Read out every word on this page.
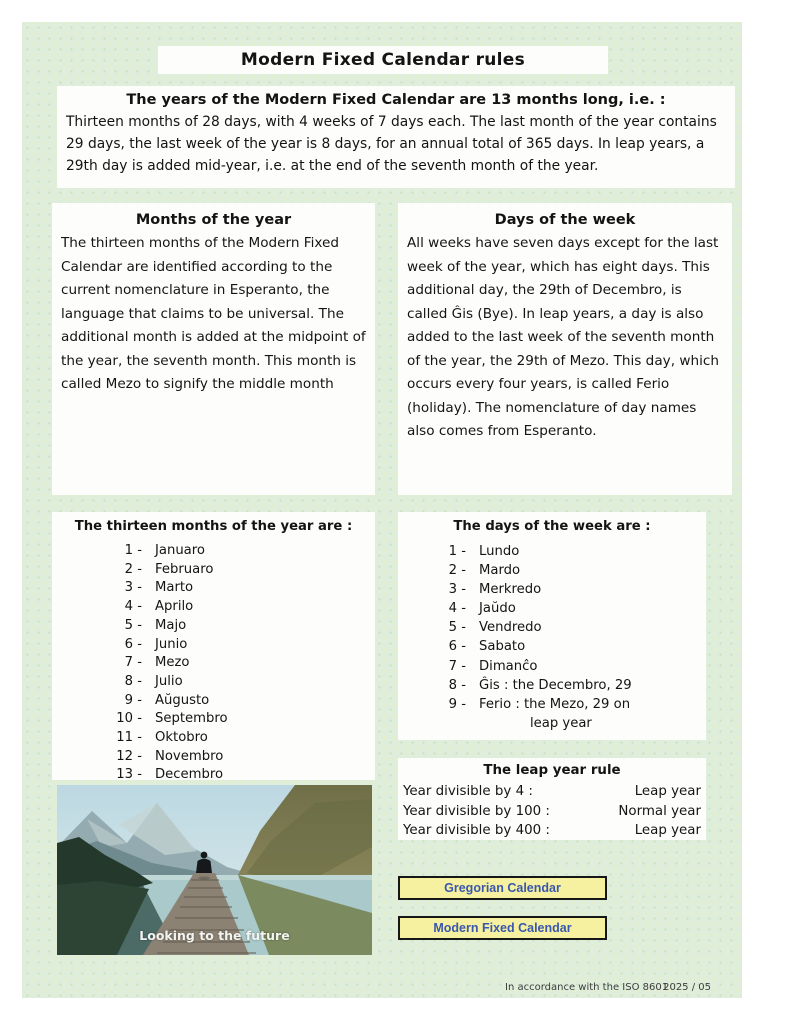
Modern Fixed Calendar rules
The years of the Modern Fixed Calendar are 13 months long, i.e. :
Thirteen months of 28 days, with 4 weeks of 7 days each. The last month of the year contains 29 days, the last week of the year is 8 days, for an annual total of 365 days. In leap years, a 29th day is added mid-year, i.e. at the end of the seventh month of the year.
Months of the year
The thirteen months of the Modern Fixed Calendar are identified according to the current nomenclature in Esperanto, the language that claims to be universal. The additional month is added at the midpoint of the year, the seventh month. This month is called Mezo to signify the middle month
Days of the week
All weeks have seven days except for the last week of the year, which has eight days. This additional day, the 29th of Decembro, is called Ĝis (Bye). In leap years, a day is also added to the last week of the seventh month of the year, the 29th of Mezo. This day, which occurs every four years, is called Ferio (holiday). The nomenclature of day names also comes from Esperanto.
The thirteen months of the year are :
1 - Januaro
2 - Februaro
3 - Marto
4 - Aprilo
5 - Majo
6 - Junio
7 - Mezo
8 - Julio
9 - Aŭgusto
10 - Septembro
11 - Oktobro
12 - Novembro
13 - Decembro
The days of the week are :
1 - Lundo
2 - Mardo
3 - Merkredo
4 - Jaŭdo
5 - Vendredo
6 - Sabato
7 - Dimanĉo
8 - Ĝis : the Decembro, 29
9 - Ferio : the Mezo, 29 on
leap year
The leap year rule
Year divisible by 4 :	Leap year
Year divisible by 100 :	Normal year
Year divisible by 400 :	Leap year
Looking to the future
Gregorian Calendar
Modern Fixed Calendar
In accordance with the ISO 8601
2025 / 05
